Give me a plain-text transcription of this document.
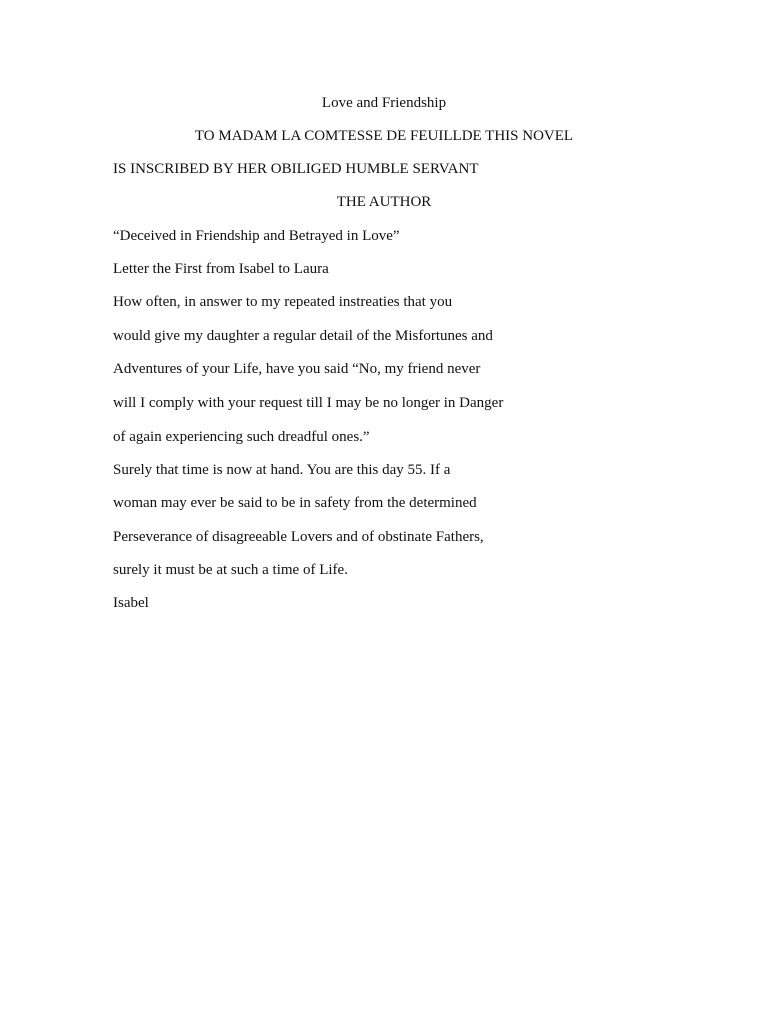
Love and Friendship
TO MADAM LA COMTESSE DE FEUILLDE THIS NOVEL
IS INSCRIBED BY HER OBILIGED HUMBLE SERVANT
THE AUTHOR
“Deceived in Friendship and Betrayed in Love”
Letter the First from Isabel to Laura
How often, in answer to my repeated instreaties that you
would give my daughter a regular detail of the Misfortunes and
Adventures of your Life, have you said “No, my friend never
will I comply with your request till I may be no longer in Danger
of again experiencing such dreadful ones.”
Surely that time is now at hand. You are this day 55. If a
woman may ever be said to be in safety from the determined
Perseverance of disagreeable Lovers and of obstinate Fathers,
surely it must be at such a time of Life.
Isabel
